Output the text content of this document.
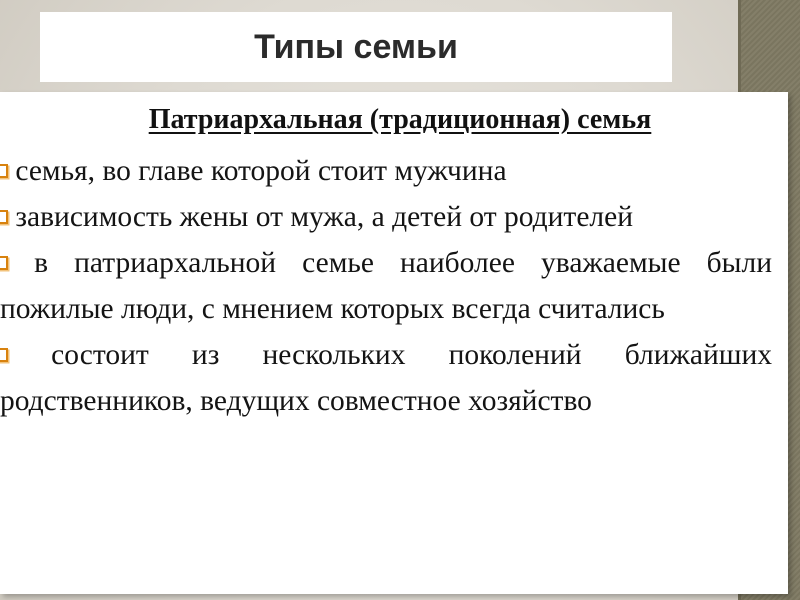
Типы семьи
Патриархальная (традиционная) семья
семья, во главе которой стоит мужчина
зависимость жены от мужа, а детей от родителей
в патриархальной семье наиболее уважаемые были пожилые люди, с мнением которых всегда считались
состоит из нескольких поколений ближайших родственников, ведущих совместное хозяйство
